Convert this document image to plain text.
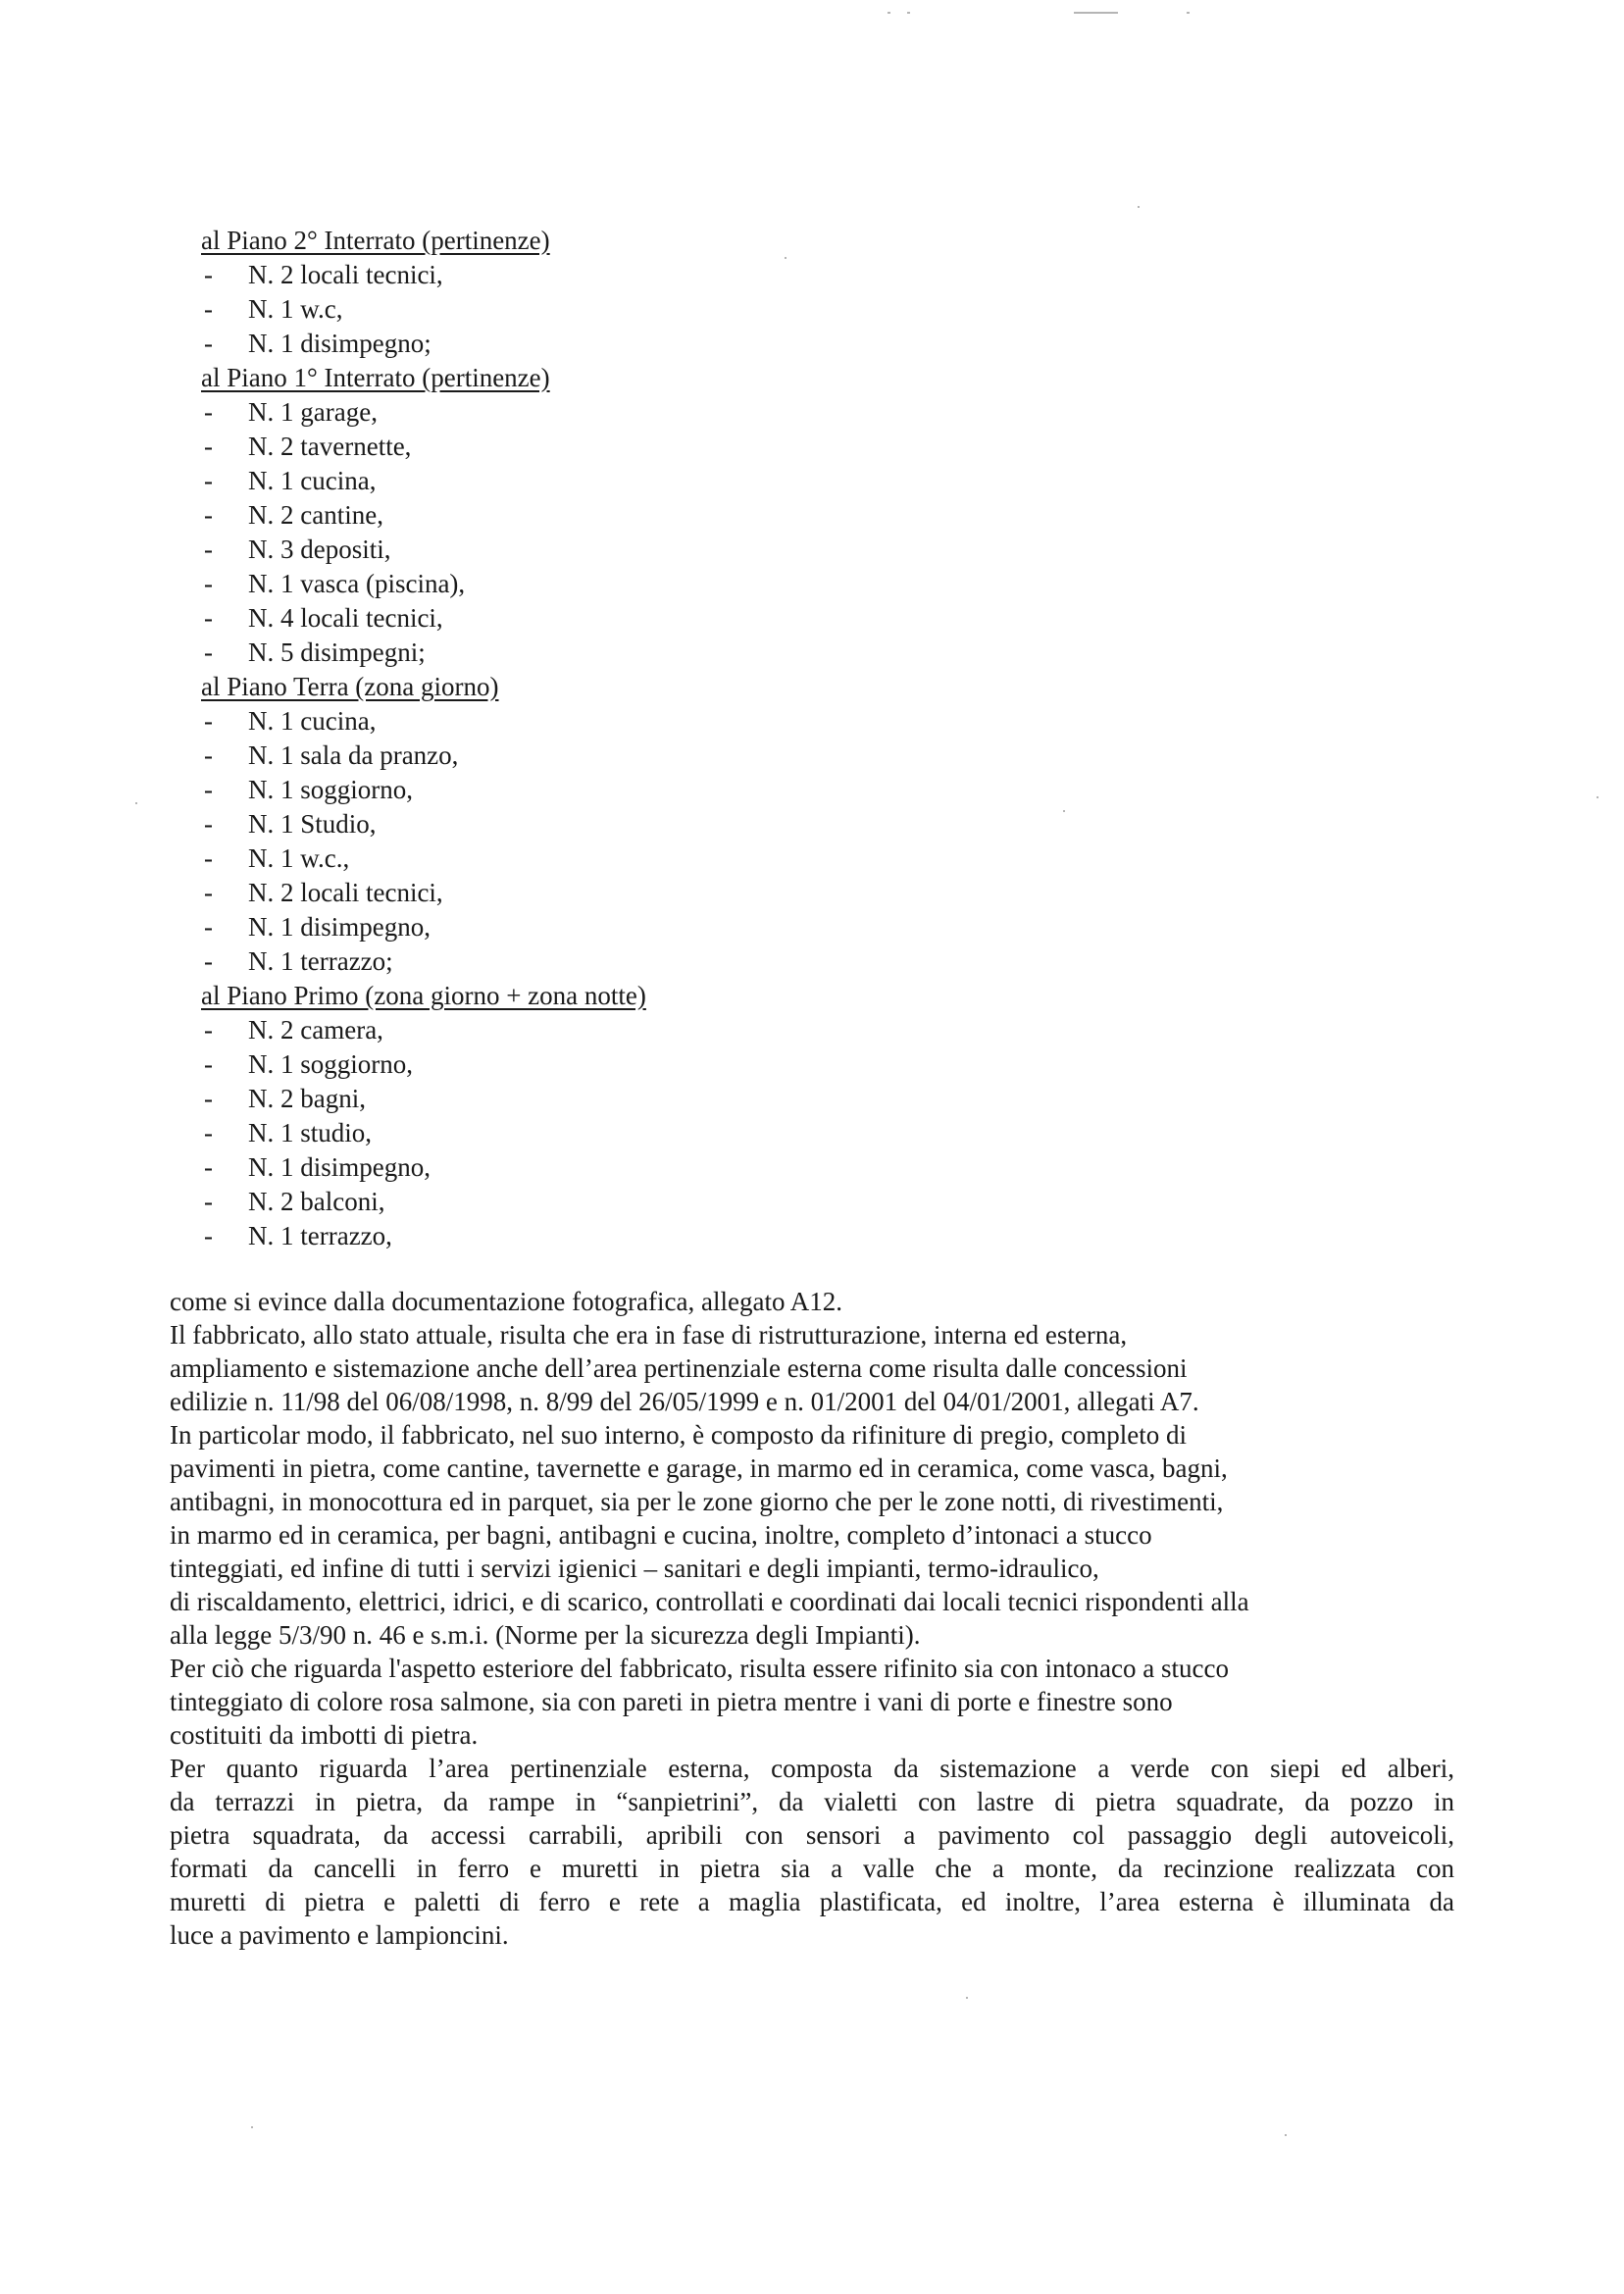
al Piano 2° Interrato (pertinenze)
- N. 2 locali tecnici,
- N. 1 w.c,
- N. 1 disimpegno;
al Piano 1° Interrato (pertinenze)
- N. 1 garage,
- N. 2 tavernette,
- N. 1 cucina,
- N. 2 cantine,
- N. 3 depositi,
- N. 1 vasca (piscina),
- N. 4 locali tecnici,
- N. 5 disimpegni;
al Piano Terra (zona giorno)
- N. 1 cucina,
- N. 1 sala da pranzo,
- N. 1 soggiorno,
- N. 1 Studio,
- N. 1 w.c.,
- N. 2 locali tecnici,
- N. 1 disimpegno,
- N. 1 terrazzo;
al Piano Primo (zona giorno + zona notte)
- N. 2 camera,
- N. 1 soggiorno,
- N. 2 bagni,
- N. 1 studio,
- N. 1 disimpegno,
- N. 2 balconi,
- N. 1 terrazzo,

come si evince dalla documentazione fotografica, allegato A12.

Il fabbricato, allo stato attuale, risulta che era in fase di ristrutturazione, interna ed esterna,
ampliamento e sistemazione anche dell’area pertinenziale esterna come risulta dalle concessioni
edilizie n. 11/98 del 06/08/1998, n. 8/99 del 26/05/1999 e n. 01/2001 del 04/01/2001, allegati A7.

In particolar modo, il fabbricato, nel suo interno, è composto da rifiniture di pregio, completo di
pavimenti in pietra, come cantine, tavernette e garage, in marmo ed in ceramica, come vasca, bagni,
antibagni, in monocottura ed in parquet, sia per le zone giorno che per le zone notti, di rivestimenti,
in marmo ed in ceramica, per bagni, antibagni e cucina, inoltre, completo d’intonaci a stucco
tinteggiati, ed infine di tutti i servizi igienici – sanitari e degli impianti, termo-idraulico,
di riscaldamento, elettrici, idrici, e di scarico, controllati e coordinati dai locali tecnici rispondenti alla
alla legge 5/3/90 n. 46 e s.m.i. (Norme per la sicurezza degli Impianti).

Per ciò che riguarda l'aspetto esteriore del fabbricato, risulta essere rifinito sia con intonaco a stucco
tinteggiato di colore rosa salmone, sia con pareti in pietra mentre i vani di porte e finestre sono
costituiti da imbotti di pietra.

Per quanto riguarda l’area pertinenziale esterna, composta da sistemazione a verde con siepi ed alberi,
da terrazzi in pietra, da rampe in “sanpietrini”, da vialetti con lastre di pietra squadrate, da pozzo in
pietra squadrata, da accessi carrabili, apribili con sensori a pavimento col passaggio degli autoveicoli,
formati da cancelli in ferro e muretti in pietra sia a valle che a monte, da recinzione realizzata con
muretti di pietra e paletti di ferro e rete a maglia plastificata, ed inoltre, l’area esterna è illuminata da
luce a pavimento e lampioncini.
